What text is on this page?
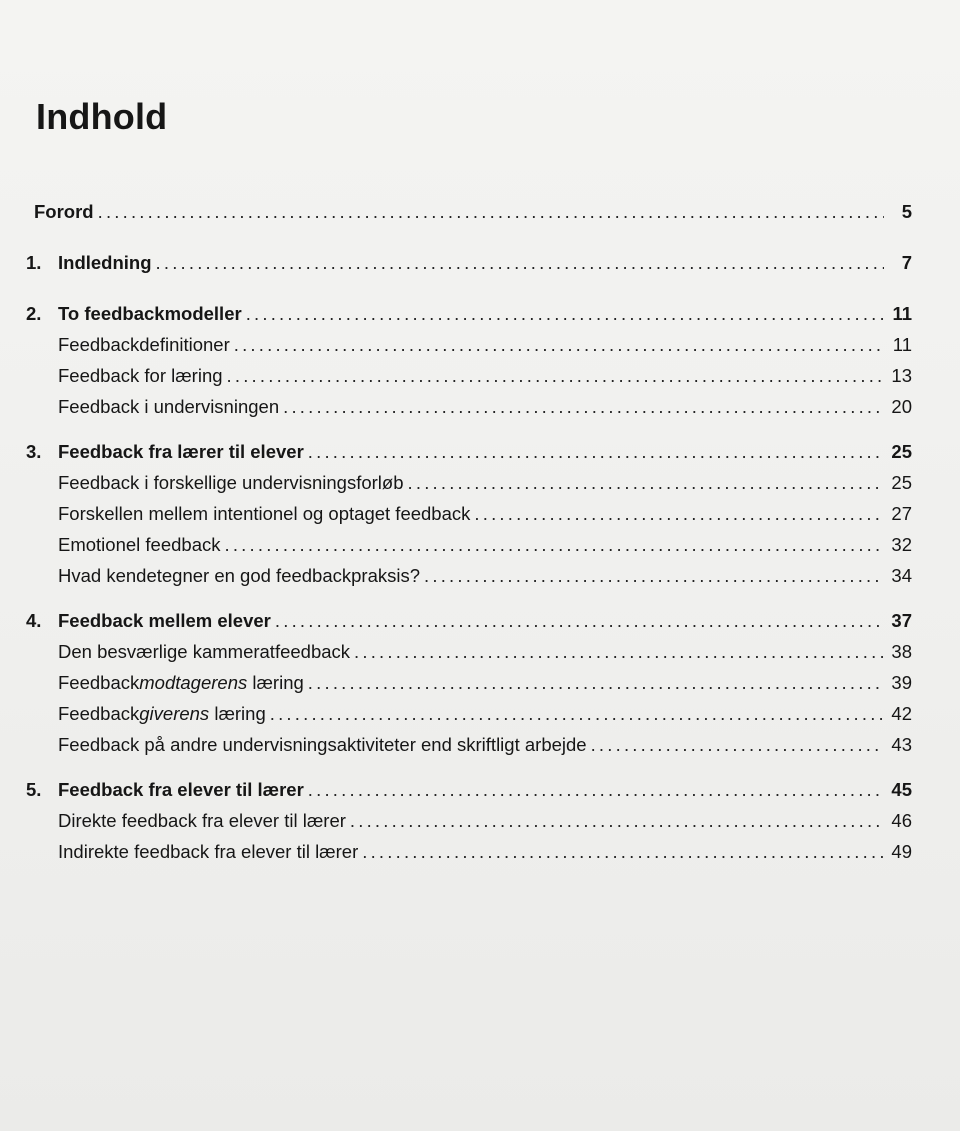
Indhold
Forord .....	5
1. Indledning .....	7
2. To feedbackmodeller .....	11
Feedbackdefinitioner .....	11
Feedback for læring .....	13
Feedback i undervisningen .....	20
3. Feedback fra lærer til elever .....	25
Feedback i forskellige undervisningsforløb .....	25
Forskellen mellem intentionel og optaget feedback .....	27
Emotionel feedback .....	32
Hvad kendetegner en god feedbackpraksis? .....	34
4. Feedback mellem elever .....	37
Den besværlige kammeratfeedback .....	38
Feedbackmodtagerens læring .....	39
Feedbackgiverens læring .....	42
Feedback på andre undervisningsaktiviteter end skriftligt arbejde .....	43
5. Feedback fra elever til lærer .....	45
Direkte feedback fra elever til lærer .....	46
Indirekte feedback fra elever til lærer .....	49
